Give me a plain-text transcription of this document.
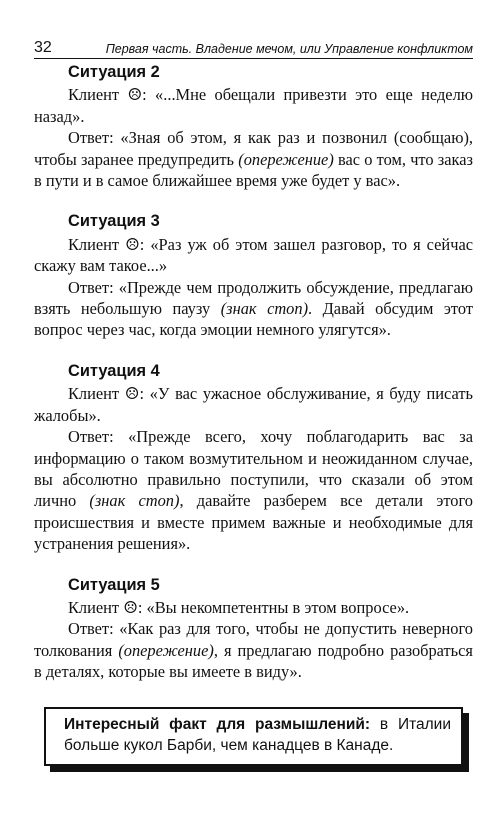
32	Первая часть. Владение мечом, или Управление конфликтом
Ситуация 2

Клиент ☹: «...Мне обещали привезти это еще неделю назад».

Ответ: «Зная об этом, я как раз и позвонил (сообщаю), чтобы заранее предупредить (опережение) вас о том, что заказ в пути и в самое ближайшее время уже будет у вас».

Ситуация 3

Клиент ☹: «Раз уж об этом зашел разговор, то я сейчас скажу вам такое...»

Ответ: «Прежде чем продолжить обсуждение, предлагаю взять небольшую паузу (знак стоп). Давай обсудим этот вопрос через час, когда эмоции немного улягутся».

Ситуация 4

Клиент ☹: «У вас ужасное обслуживание, я буду писать жалобы».

Ответ: «Прежде всего, хочу поблагодарить вас за информацию о таком возмутительном и неожиданном случае, вы абсолютно правильно поступили, что сказали об этом лично (знак стоп), давайте разберем все детали этого происшествия и вместе примем важные и необходимые для устранения решения».

Ситуация 5

Клиент ☹: «Вы некомпетентны в этом вопросе».

Ответ: «Как раз для того, чтобы не допустить неверного толкования (опережение), я предлагаю подробно разобраться в деталях, которые вы имеете в виду».

Интересный факт для размышлений: в Италии больше кукол Барби, чем канадцев в Канаде.
